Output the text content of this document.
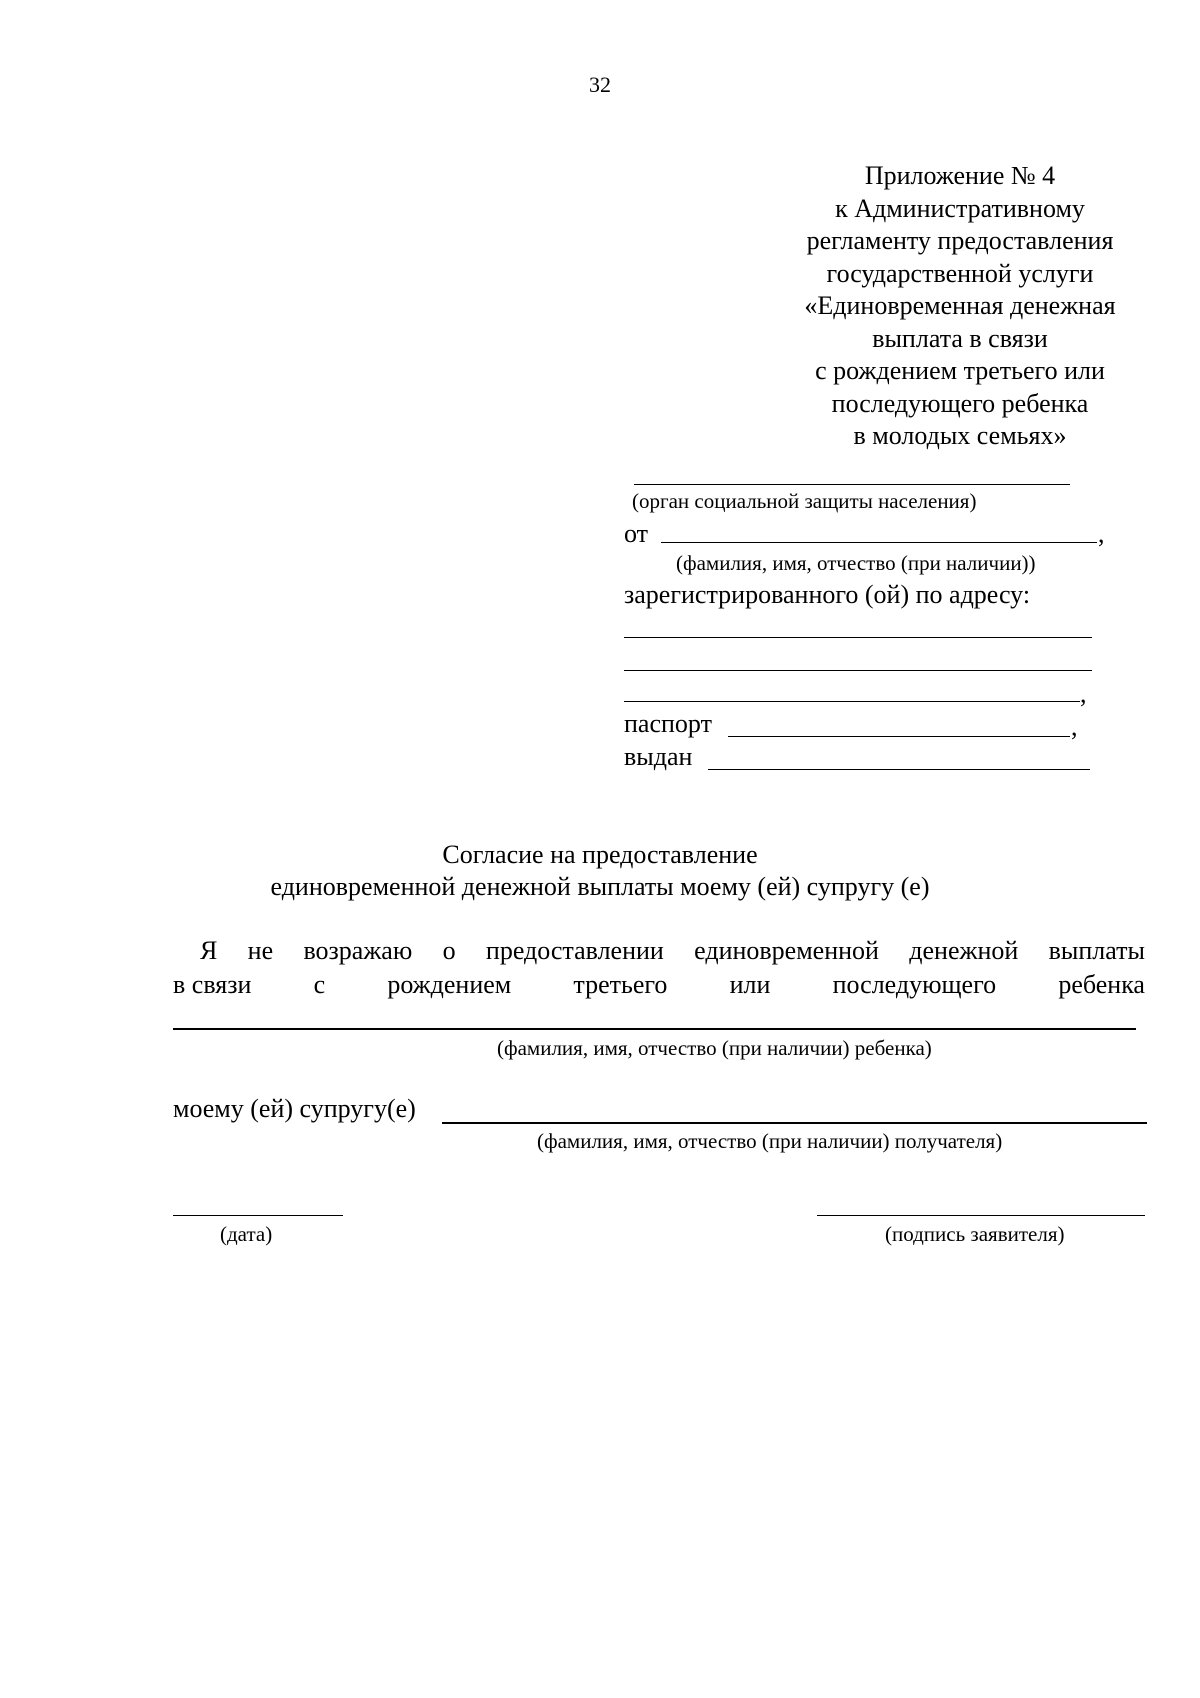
32
Приложение № 4
к Административному
регламенту предоставления
государственной услуги
«Единовременная денежная
выплата в связи
с рождением третьего или
последующего ребенка
в молодых семьях»
(орган социальной защиты населения)
от	,
(фамилия, имя, отчество (при наличии))
зарегистрированного (ой) по адресу:
,
паспорт	,
выдан
Согласие на предоставление
единовременной денежной выплаты моему (ей) супругу (е)
Я не возражаю о предоставлении единовременной денежной выплаты
в связи с рождением третьего или последующего ребенка
(фамилия, имя, отчество (при наличии) ребенка)
моему (ей) супругу(е)
(фамилия, имя, отчество (при наличии) получателя)
(дата)	(подпись заявителя)
